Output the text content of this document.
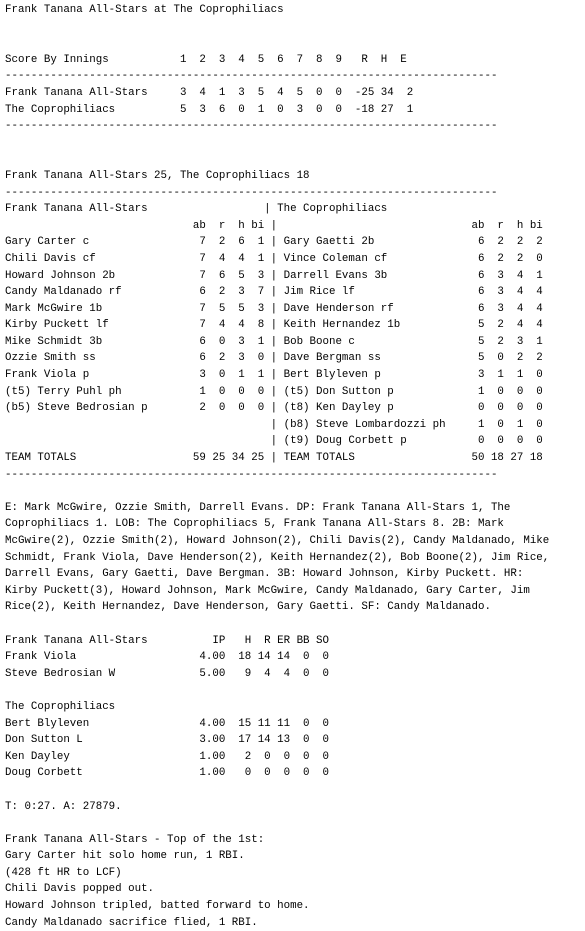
Frank Tanana All-Stars at The Coprophiliacs
Score By Innings           1  2  3  4  5  6  7  8  9   R  H  E
----------------------------------------------------------------------------
Frank Tanana All-Stars     3  4  1  3  5  4  5  0  0  -25 34  2
The Coprophiliacs          5  3  6  0  1  0  3  0  0  -18 27  1
----------------------------------------------------------------------------
Frank Tanana All-Stars 25, The Coprophiliacs 18
----------------------------------------------------------------------------
Frank Tanana All-Stars                  | The Coprophiliacs
ab  r  h bi |                              ab  r  h bi
Gary Carter c                 7  2  6  1 | Gary Gaetti 2b                6  2  2  2
Chili Davis cf                7  4  4  1 | Vince Coleman cf              6  2  2  0
Howard Johnson 2b             7  6  5  3 | Darrell Evans 3b              6  3  4  1
Candy Maldanado rf            6  2  3  7 | Jim Rice lf                   6  3  4  4
Mark McGwire 1b               7  5  5  3 | Dave Henderson rf             6  3  4  4
Kirby Puckett lf              7  4  4  8 | Keith Hernandez 1b            5  2  4  4
Mike Schmidt 3b               6  0  3  1 | Bob Boone c                   5  2  3  1
Ozzie Smith ss                6  2  3  0 | Dave Bergman ss               5  0  2  2
Frank Viola p                 3  0  1  1 | Bert Blyleven p               3  1  1  0
(t5) Terry Puhl ph            1  0  0  0 | (t5) Don Sutton p             1  0  0  0
(b5) Steve Bedrosian p        2  0  0  0 | (t8) Ken Dayley p             0  0  0  0
| (b8) Steve Lombardozzi ph     1  0  1  0
| (t9) Doug Corbett p           0  0  0  0
TEAM TOTALS                  59 25 34 25 | TEAM TOTALS                  50 18 27 18
----------------------------------------------------------------------------
E: Mark McGwire, Ozzie Smith, Darrell Evans. DP: Frank Tanana All-Stars 1, The
Coprophiliacs 1. LOB: The Coprophiliacs 5, Frank Tanana All-Stars 8. 2B: Mark
McGwire(2), Ozzie Smith(2), Howard Johnson(2), Chili Davis(2), Candy Maldanado, Mike
Schmidt, Frank Viola, Dave Henderson(2), Keith Hernandez(2), Bob Boone(2), Jim Rice,
Darrell Evans, Gary Gaetti, Dave Bergman. 3B: Howard Johnson, Kirby Puckett. HR:
Kirby Puckett(3), Howard Johnson, Mark McGwire, Candy Maldanado, Gary Carter, Jim
Rice(2), Keith Hernandez, Dave Henderson, Gary Gaetti. SF: Candy Maldanado.
Frank Tanana All-Stars          IP   H  R ER BB SO
Frank Viola                   4.00  18 14 14  0  0
Steve Bedrosian W             5.00   9  4  4  0  0
The Coprophiliacs
Bert Blyleven                 4.00  15 11 11  0  0
Don Sutton L                  3.00  17 14 13  0  0
Ken Dayley                    1.00   2  0  0  0  0
Doug Corbett                  1.00   0  0  0  0  0
T: 0:27. A: 27879.
Frank Tanana All-Stars - Top of the 1st:
Gary Carter hit solo home run, 1 RBI.
(428 ft HR to LCF)
Chili Davis popped out.
Howard Johnson tripled, batted forward to home.
Candy Maldanado sacrifice flied, 1 RBI.
